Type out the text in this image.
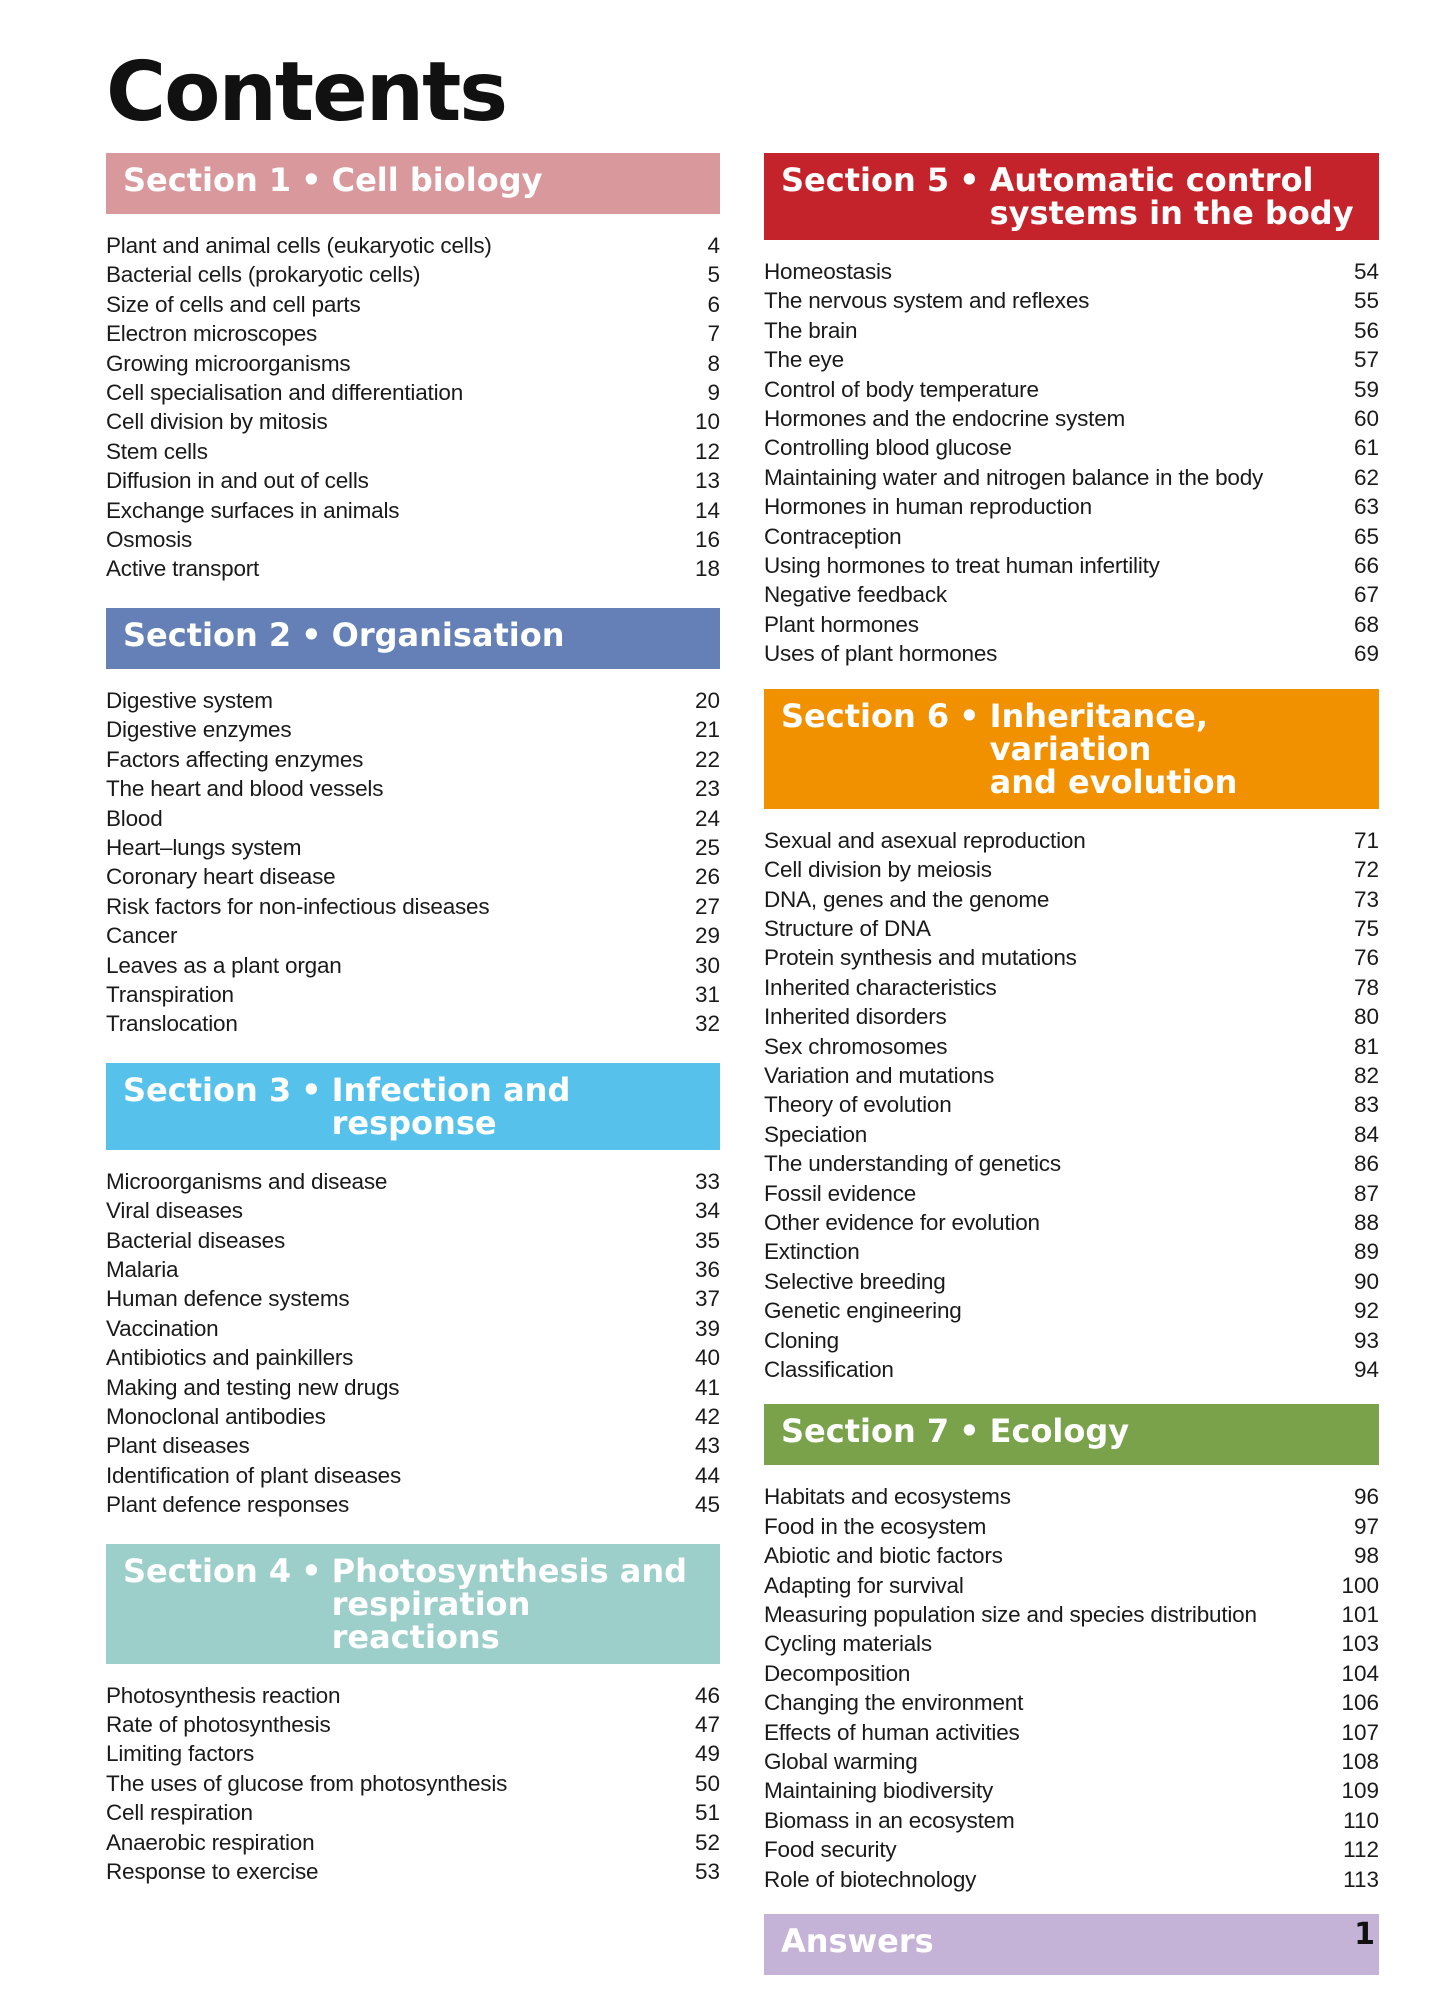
Contents
Section 1 •	Cell biology
Plant and animal cells (eukaryotic cells)	4
Bacterial cells (prokaryotic cells)	5
Size of cells and cell parts	6
Electron microscopes	7
Growing microorganisms	8
Cell specialisation and differentiation	9
Cell division by mitosis	10
Stem cells	12
Diffusion in and out of cells	13
Exchange surfaces in animals	14
Osmosis	16
Active transport	18
Section 2 •	Organisation
Digestive system	20
Digestive enzymes	21
Factors affecting enzymes	22
The heart and blood vessels	23
Blood	24
Heart–lungs system	25
Coronary heart disease	26
Risk factors for non-infectious diseases	27
Cancer	29
Leaves as a plant organ	30
Transpiration	31
Translocation	32
Section 3 •	Infection and response
Microorganisms and disease	33
Viral diseases	34
Bacterial diseases	35
Malaria	36
Human defence systems	37
Vaccination	39
Antibiotics and painkillers	40
Making and testing new drugs	41
Monoclonal antibodies	42
Plant diseases	43
Identification of plant diseases	44
Plant defence responses	45
Section 4 •	Photosynthesis and
respiration reactions
Photosynthesis reaction	46
Rate of photosynthesis	47
Limiting factors	49
The uses of glucose from photosynthesis	50
Cell respiration	51
Anaerobic respiration	52
Response to exercise	53
Section 5 •	Automatic control
systems in the body
Homeostasis	54
The nervous system and reflexes	55
The brain	56
The eye	57
Control of body temperature	59
Hormones and the endocrine system	60
Controlling blood glucose	61
Maintaining water and nitrogen balance in the body	62
Hormones in human reproduction	63
Contraception	65
Using hormones to treat human infertility	66
Negative feedback	67
Plant hormones	68
Uses of plant hormones	69
Section 6 •	Inheritance, variation
and evolution
Sexual and asexual reproduction	71
Cell division by meiosis	72
DNA, genes and the genome	73
Structure of DNA	75
Protein synthesis and mutations	76
Inherited characteristics	78
Inherited disorders	80
Sex chromosomes	81
Variation and mutations	82
Theory of evolution	83
Speciation	84
The understanding of genetics	86
Fossil evidence	87
Other evidence for evolution	88
Extinction	89
Selective breeding	90
Genetic engineering	92
Cloning	93
Classification	94
Section 7 •	Ecology
Habitats and ecosystems	96
Food in the ecosystem	97
Abiotic and biotic factors	98
Adapting for survival	100
Measuring population size and species distribution	101
Cycling materials	103
Decomposition	104
Changing the environment	106
Effects of human activities	107
Global warming	108
Maintaining biodiversity	109
Biomass in an ecosystem	110
Food security	112
Role of biotechnology	113
Answers	1
